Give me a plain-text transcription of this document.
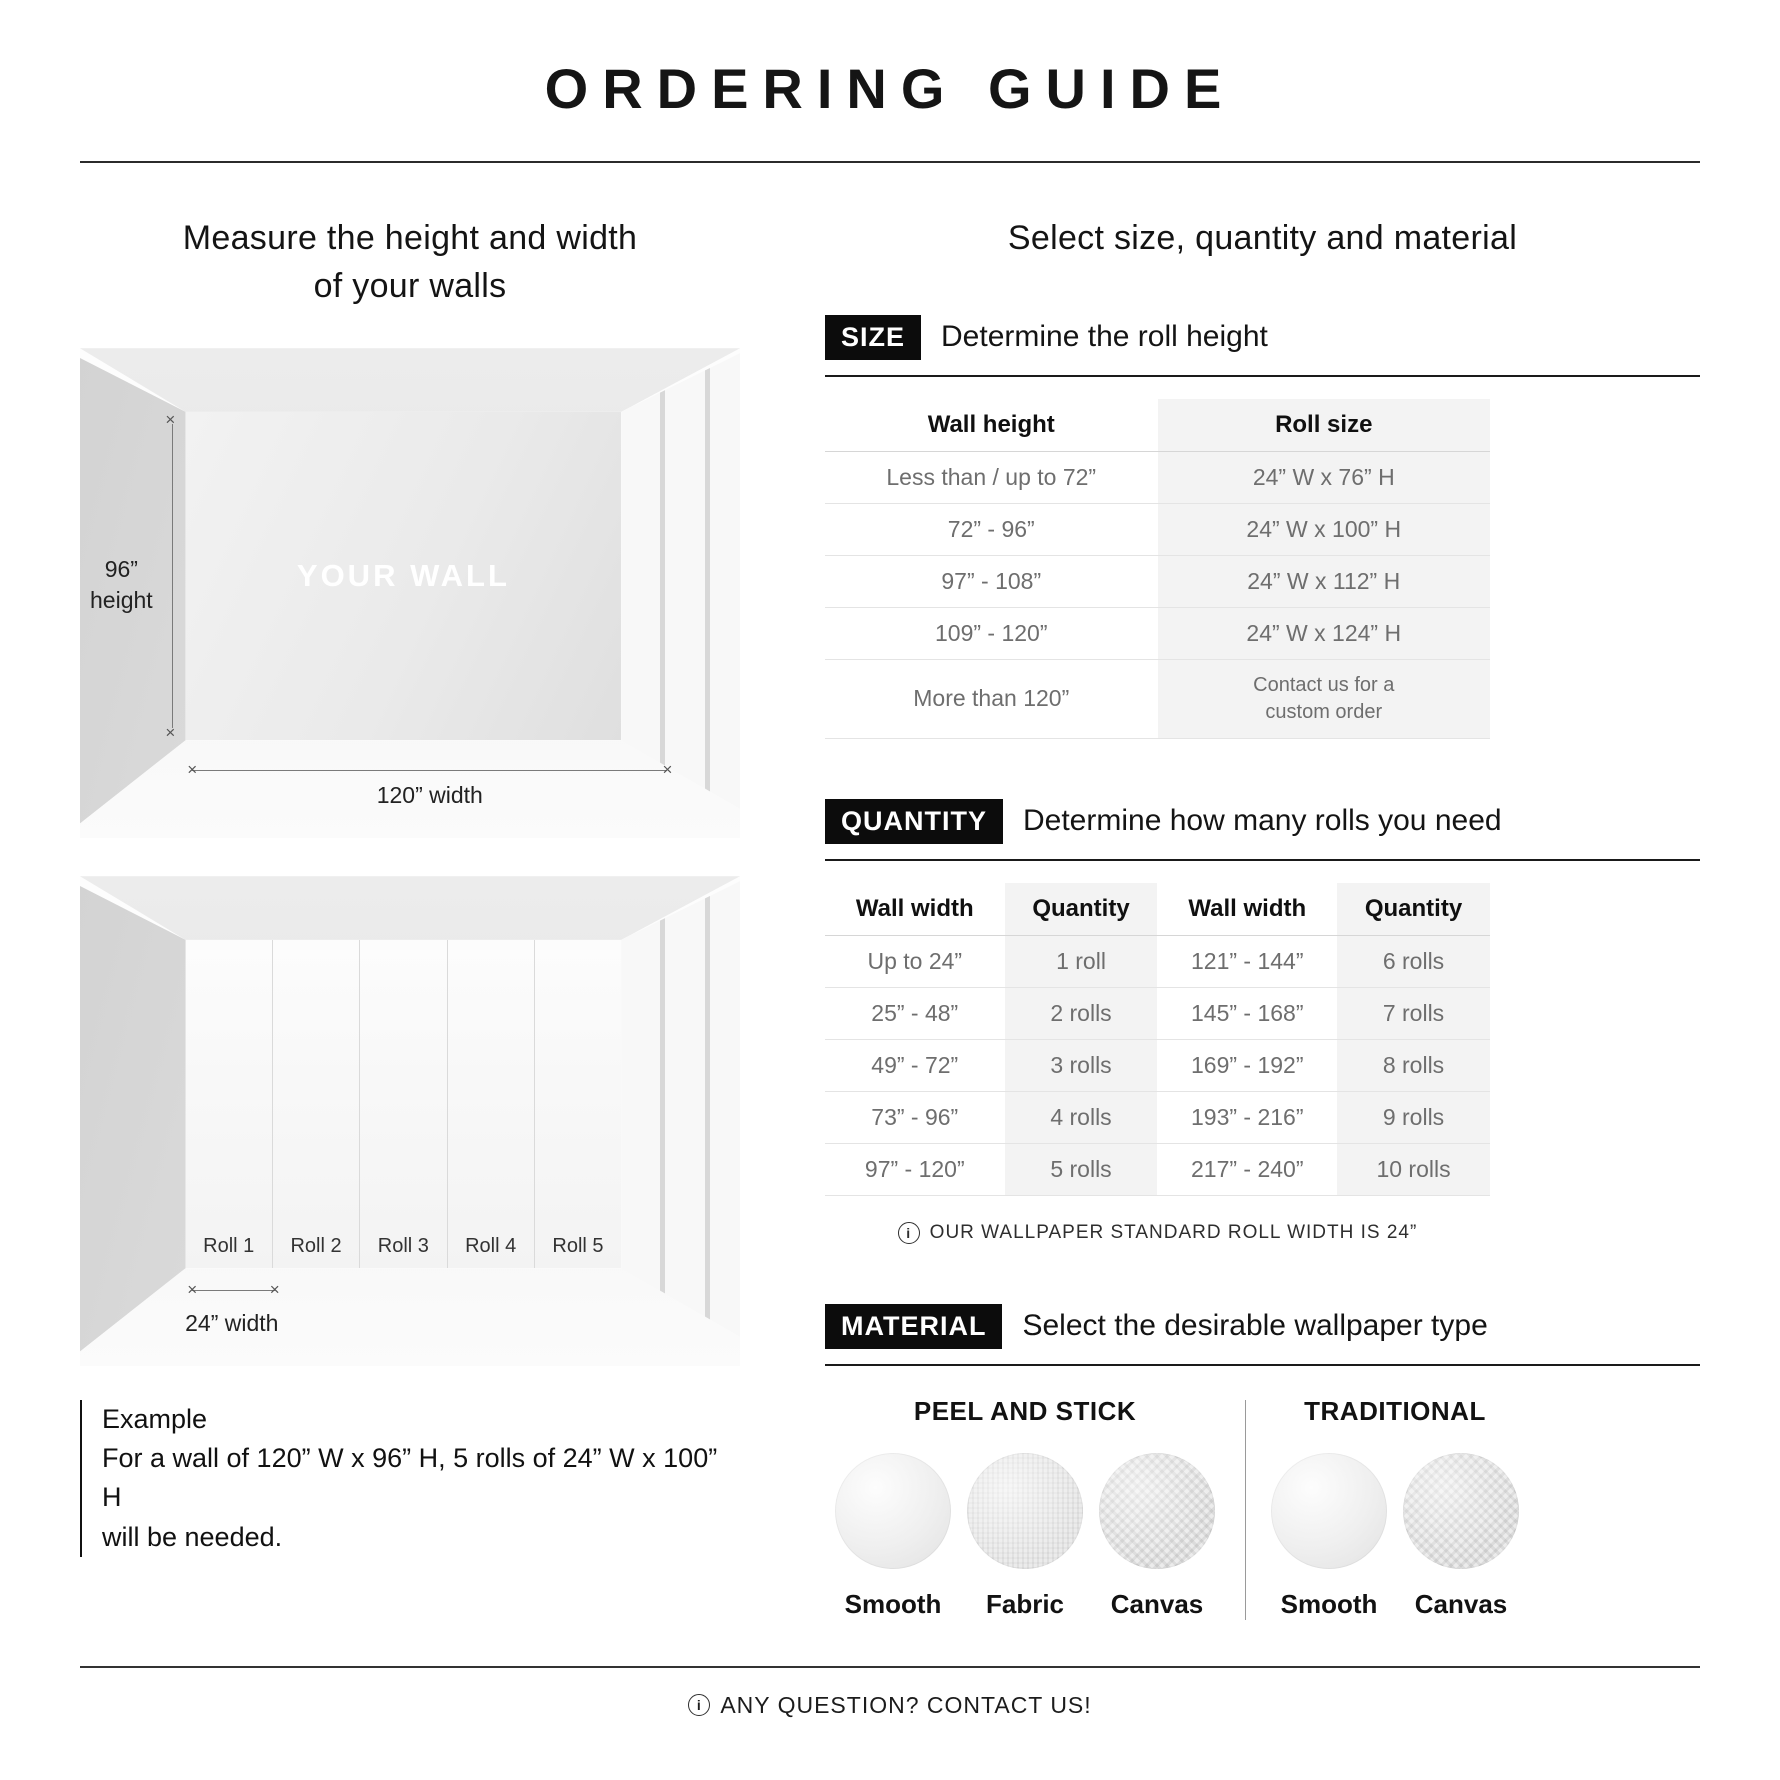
ORDERING GUIDE
Measure the height and width of your walls
YOUR WALL
× ×
96”
height
× ×
120” width
Roll 1	Roll 2	Roll 3	Roll 4	Roll 5
× ×
24” width
Example
For a wall of 120” W x 96” H, 5 rolls of 24” W x 100” H
will be needed.
Select size, quantity and material
SIZE	Determine the roll height
Wall height	Roll size
Less than / up to 72”	24” W x 76” H
72” - 96”	24” W x 100” H
97” - 108”	24” W x 112” H
109” - 120”	24” W x 124” H
More than 120”	Contact us for a custom order
QUANTITY	Determine how many rolls you need
Wall width	Quantity	Wall width	Quantity
Up to 24”	1 roll	121” - 144”	6 rolls
25” - 48”	2 rolls	145” - 168”	7 rolls
49” - 72”	3 rolls	169” - 192”	8 rolls
73” - 96”	4 rolls	193” - 216”	9 rolls
97” - 120”	5 rolls	217” - 240”	10 rolls
i
OUR WALLPAPER STANDARD ROLL WIDTH IS 24”
MATERIAL	Select the desirable wallpaper type
PEEL AND STICK
Smooth	Fabric	Canvas
TRADITIONAL
Smooth	Canvas
i
ANY QUESTION? CONTACT US!
